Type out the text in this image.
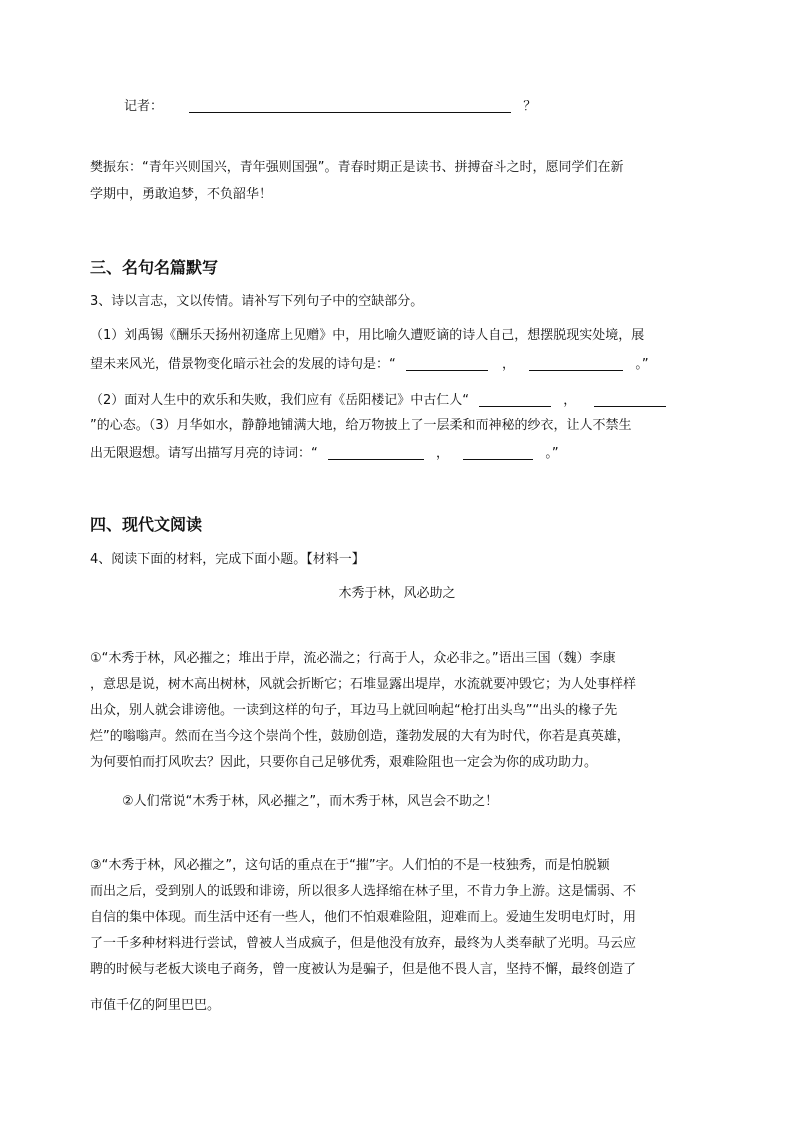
记者：	？
樊振东：“青年兴则国兴，青年强则国强”。青春时期正是读书、拼搏奋斗之时，愿同学们在新
学期中，勇敢追梦，不负韶华！
三、名句名篇默写
3、诗以言志，文以传情。请补写下列句子中的空缺部分。
（1）刘禹锡《酬乐天扬州初逢席上见赠》中，用比喻久遭贬谪的诗人自己，想摆脱现实处境，展
望未来风光，借景物变化暗示社会的发展的诗句是：“	，	。”
（2）面对人生中的欢乐和失败，我们应有《岳阳楼记》中古仁人“	，
”的心态。（3）月华如水，静静地铺满大地，给万物披上了一层柔和而神秘的纱衣，让人不禁生
出无限遐想。请写出描写月亮的诗词：“	，	。”
四、现代文阅读
4、阅读下面的材料，完成下面小题。【材料一】
木秀于林，风必助之
①“木秀于林，风必摧之；堆出于岸，流必湍之；行高于人，众必非之。”语出三国（魏）李康
，意思是说，树木高出树林，风就会折断它；石堆显露出堤岸，水流就要冲毁它；为人处事样样
出众，别人就会诽谤他。一读到这样的句子，耳边马上就回响起“枪打出头鸟”“出头的椽子先
烂”的嗡嗡声。然而在当今这个崇尚个性，鼓励创造，蓬勃发展的大有为时代，你若是真英雄，
为何要怕而打风吹去？因此，只要你自己足够优秀，艰难险阻也一定会为你的成功助力。
②人们常说“木秀于林，风必摧之”，而木秀于林，风岂会不助之！
③“木秀于林，风必摧之”，这句话的重点在于“摧”字。人们怕的不是一枝独秀，而是怕脱颖
而出之后，受到别人的诋毁和诽谤，所以很多人选择缩在林子里，不肯力争上游。这是懦弱、不
自信的集中体现。而生活中还有一些人，他们不怕艰难险阻，迎难而上。爱迪生发明电灯时，用
了一千多种材料进行尝试，曾被人当成疯子，但是他没有放弃，最终为人类奉献了光明。马云应
聘的时候与老板大谈电子商务，曾一度被认为是骗子，但是他不畏人言，坚持不懈，最终创造了
市值千亿的阿里巴巴。
